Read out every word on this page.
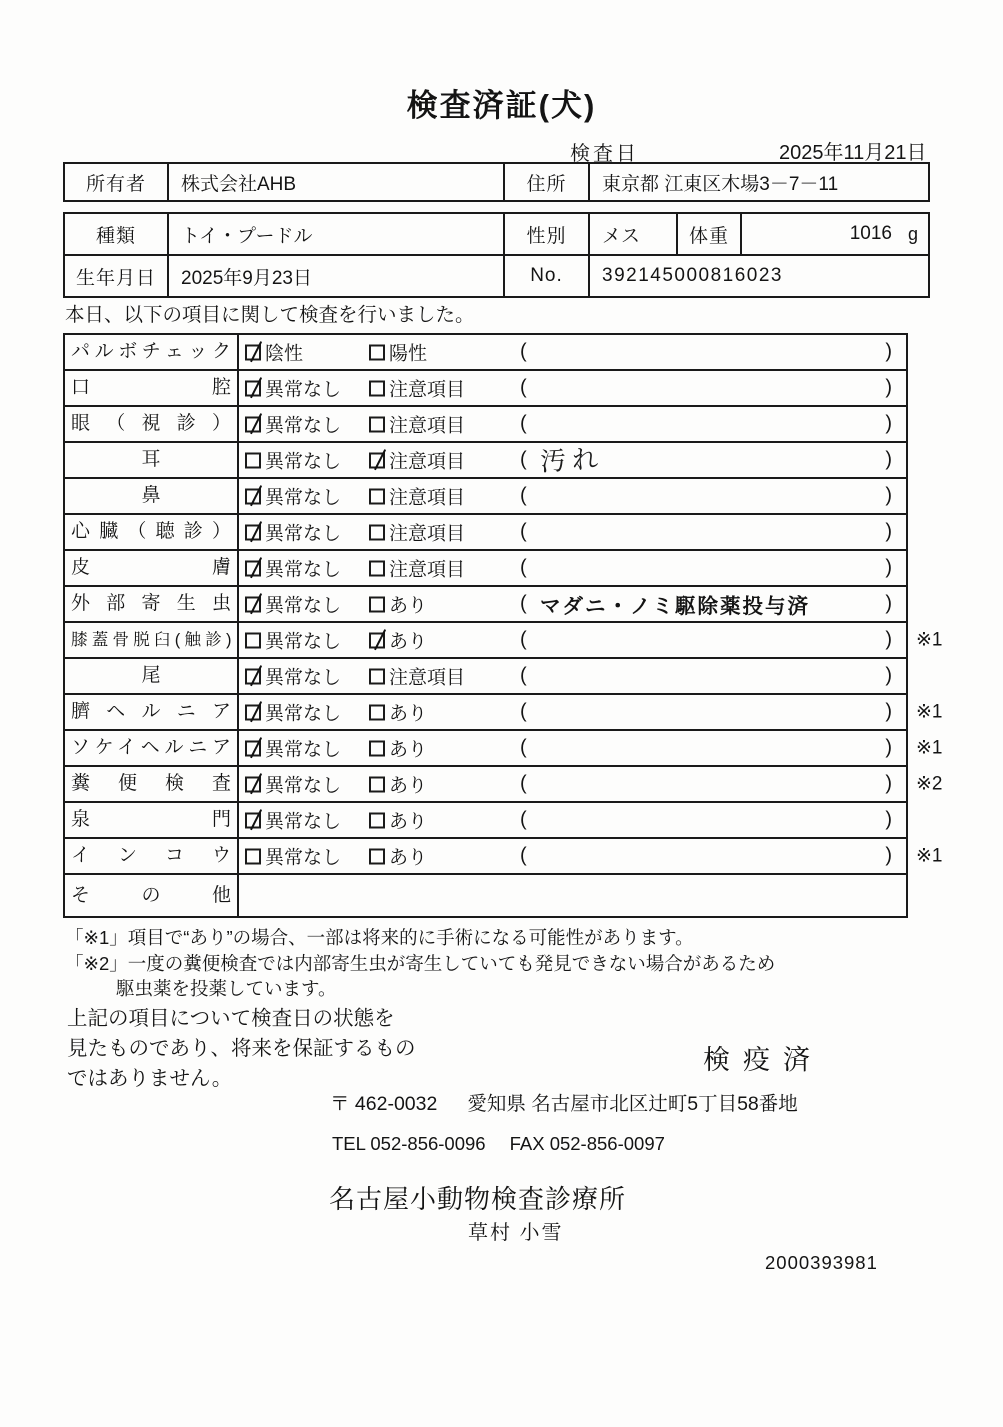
検査済証(犬)
検査日	2025年11月21日
所有者	株式会社AHB	住所	東京都 江東区木場3－7－11
種類	トイ・プードル	性別	メス	体重	1016 g
生年月日	2025年9月23日	No.	392145000816023
本日、以下の項目に関して検査を行いました。
パルボチェック	陰性	陽性	(	)
口腔	異常なし	注意項目	(	)
眼（視診）	異常なし	注意項目	(	)
耳	異常なし	注意項目	( 汚れ	)
鼻	異常なし	注意項目	(	)
心臓（聴診）	異常なし	注意項目	(	)
皮膚	異常なし	注意項目	(	)
外部寄生虫	異常なし	あり	( マダニ・ノミ駆除薬投与済	)
膝蓋骨脱臼(触診)	異常なし	あり	(	) ※1
尾	異常なし	注意項目	(	)
臍ヘルニア	異常なし	あり	(	) ※1
ソケイヘルニア	異常なし	あり	(	) ※1
糞便検査	異常なし	あり	(	) ※2
泉門	異常なし	あり	(	)
インコウ	異常なし	あり	(	) ※1
その他
「※1」項目で“あり”の場合、一部は将来的に手術になる可能性があります。
「※2」一度の糞便検査では内部寄生虫が寄生していても発見できない場合があるため
駆虫薬を投薬しています。
上記の項目について検査日の状態を
見たものであり、将来を保証するもの
ではありません。
検疫済
〒 462-0032 愛知県 名古屋市北区辻町5丁目58番地
TEL 052-856-0096 FAX 052-856-0097
名古屋小動物検査診療所
草村 小雪
2000393981
